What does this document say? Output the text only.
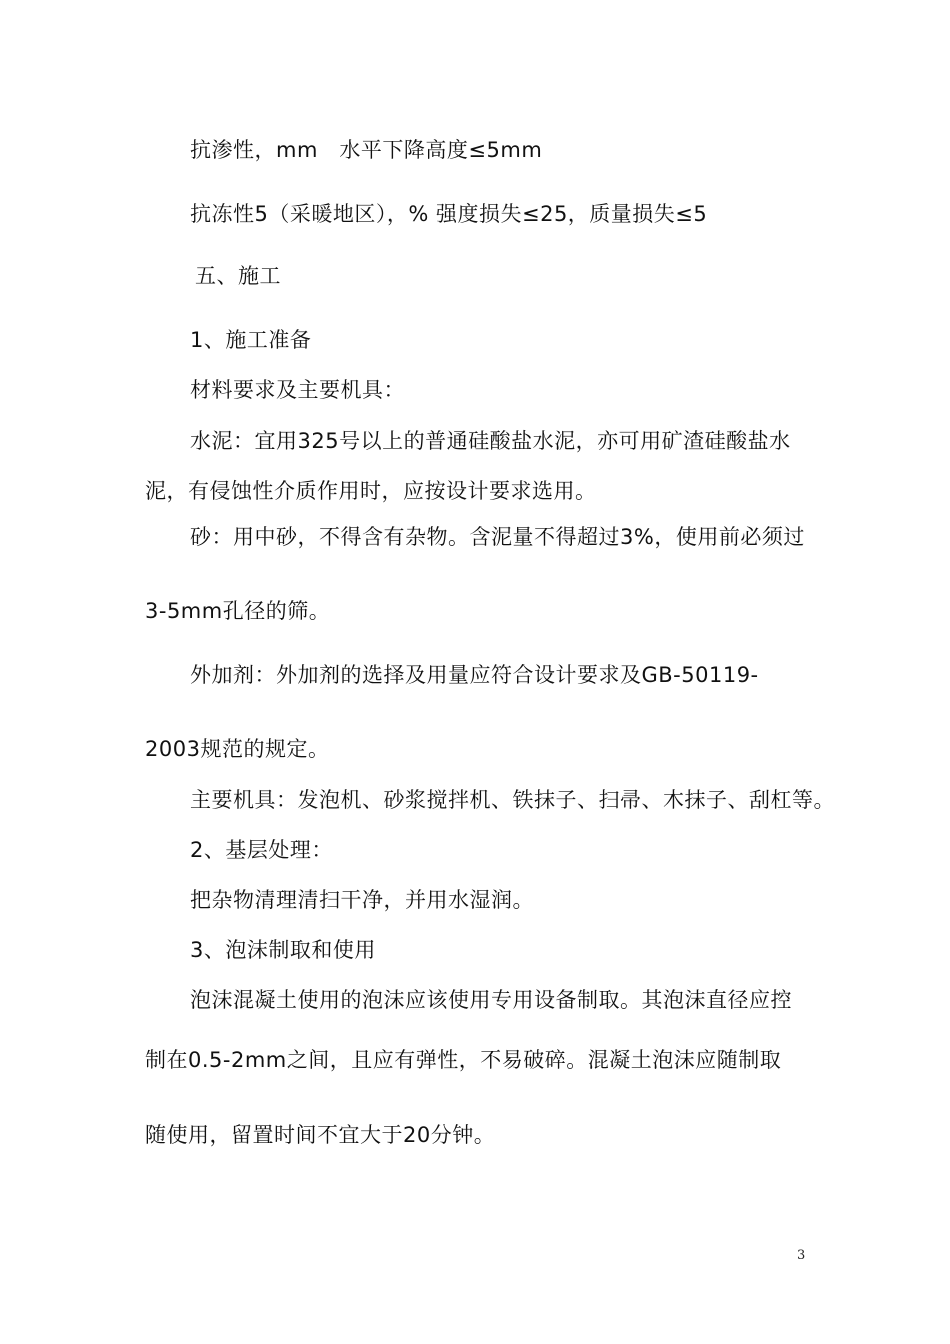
抗渗性，mm　水平下降高度≤5mm
抗冻性5（采暖地区），% 强度损失≤25，质量损失≤5
五、施工
1、施工准备
材料要求及主要机具：
水泥：宜用325号以上的普通硅酸盐水泥，亦可用矿渣硅酸盐水
泥，有侵蚀性介质作用时，应按设计要求选用。
砂：用中砂，不得含有杂物。含泥量不得超过3%，使用前必须过
3-5mm孔径的筛。
外加剂：外加剂的选择及用量应符合设计要求及GB-50119-
2003规范的规定。
主要机具：发泡机、砂浆搅拌机、铁抹子、扫帚、木抹子、刮杠等。
2、基层处理：
把杂物清理清扫干净，并用水湿润。
3、泡沫制取和使用
泡沫混凝土使用的泡沫应该使用专用设备制取。其泡沫直径应控
制在0.5-2mm之间，且应有弹性，不易破碎。混凝土泡沫应随制取
随使用，留置时间不宜大于20分钟。
3
